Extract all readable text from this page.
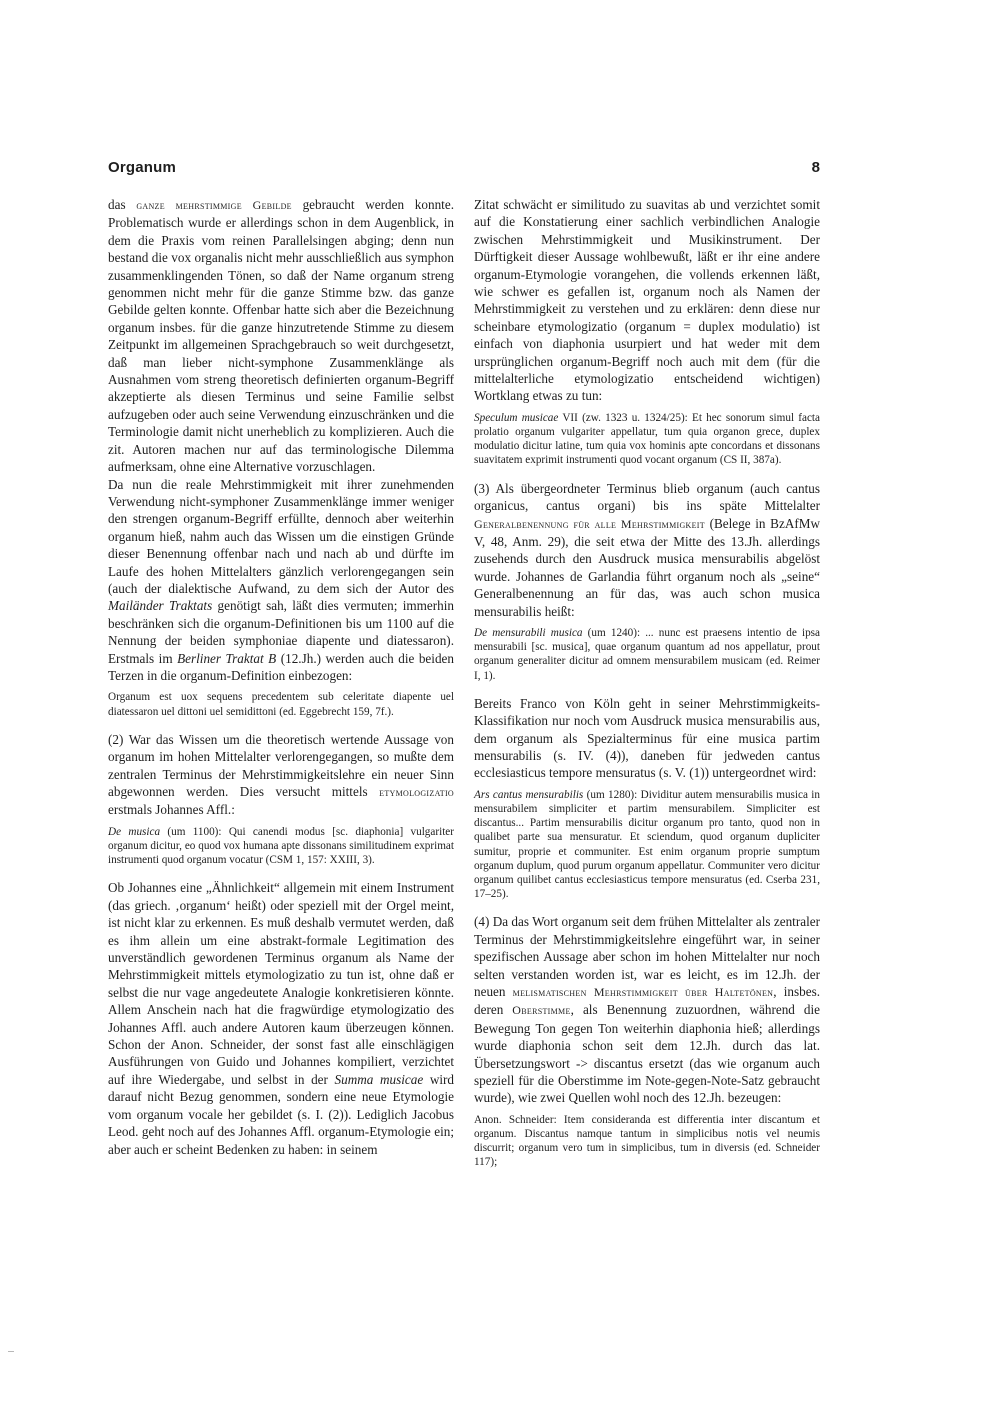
Organum	8
das ganze mehrstimmige Gebilde gebraucht werden konnte. Problematisch wurde er allerdings schon in dem Augenblick, in dem die Praxis vom reinen Parallelsingen abging; denn nun bestand die vox organalis nicht mehr ausschließlich aus symphon zusammenklingenden Tönen, so daß der Name organum streng genommen nicht mehr für die ganze Stimme bzw. das ganze Gebilde gelten konnte. Offenbar hatte sich aber die Bezeichnung organum insbes. für die ganze hinzutretende Stimme zu diesem Zeitpunkt im allgemeinen Sprachgebrauch so weit durchgesetzt, daß man lieber nicht-symphone Zusammenklänge als Ausnahmen vom streng theoretisch definierten organum-Begriff akzeptierte als diesen Terminus und seine Familie selbst aufzugeben oder auch seine Verwendung einzuschränken und die Terminologie damit nicht unerheblich zu komplizieren. Auch die zit. Autoren machen nur auf das terminologische Dilemma aufmerksam, ohne eine Alternative vorzuschlagen.
Da nun die reale Mehrstimmigkeit mit ihrer zunehmenden Verwendung nicht-symphoner Zusammenklänge immer weniger den strengen organum-Begriff erfüllte, dennoch aber weiterhin organum hieß, nahm auch das Wissen um die einstigen Gründe dieser Benennung offenbar nach und nach ab und dürfte im Laufe des hohen Mittelalters gänzlich verlorengegangen sein (auch der dialektische Aufwand, zu dem sich der Autor des Mailänder Traktats genötigt sah, läßt dies vermuten; immerhin beschränken sich die organum-Definitionen bis um 1100 auf die Nennung der beiden symphoniae diapente und diatessaron). Erstmals im Berliner Traktat B (12.Jh.) werden auch die beiden Terzen in die organum-Definition einbezogen:
Organum est uox sequens precedentem sub celeritate diapente uel diatessaron uel dittoni uel semidittoni (ed. Eggebrecht 159, 7f.).
(2) War das Wissen um die theoretisch wertende Aussage von organum im hohen Mittelalter verlorengegangen, so mußte dem zentralen Terminus der Mehrstimmigkeitslehre ein neuer Sinn abgewonnen werden. Dies versucht mittels etymologizatio erstmals Johannes Affl.:
De musica (um 1100): Qui canendi modus [sc. diaphonia] vulgariter organum dicitur, eo quod vox humana apte dissonans similitudinem exprimat instrumenti quod organum vocatur (CSM 1, 157: XXIII, 3).
Ob Johannes eine „Ähnlichkeit“ allgemein mit einem Instrument (das griech. ‚organum‘ heißt) oder speziell mit der Orgel meint, ist nicht klar zu erkennen. Es muß deshalb vermutet werden, daß es ihm allein um eine abstrakt-formale Legitimation des unverständlich gewordenen Terminus organum als Name der Mehrstimmigkeit mittels etymologizatio zu tun ist, ohne daß er selbst die nur vage angedeutete Analogie konkretisieren könnte. Allem Anschein nach hat die fragwürdige etymologizatio des Johannes Affl. auch andere Autoren kaum überzeugen können. Schon der Anon. Schneider, der sonst fast alle einschlägigen Ausführungen von Guido und Johannes kompiliert, verzichtet auf ihre Wiedergabe, und selbst in der Summa musicae wird darauf nicht Bezug genommen, sondern eine neue Etymologie vom organum vocale her gebildet (s. I. (2)). Lediglich Jacobus Leod. geht noch auf des Johannes Affl. organum-Etymologie ein; aber auch er scheint Bedenken zu haben: in seinem
Zitat schwächt er similitudo zu suavitas ab und verzichtet somit auf die Konstatierung einer sachlich verbindlichen Analogie zwischen Mehrstimmigkeit und Musikinstrument. Der Dürftigkeit dieser Aussage wohlbewußt, läßt er ihr eine andere organum-Etymologie vorangehen, die vollends erkennen läßt, wie schwer es gefallen ist, organum noch als Namen der Mehrstimmigkeit zu verstehen und zu erklären: denn diese nur scheinbare etymologizatio (organum = duplex modulatio) ist einfach von diaphonia usurpiert und hat weder mit dem ursprünglichen organum-Begriff noch auch mit dem (für die mittelalterliche etymologizatio entscheidend wichtigen) Wortklang etwas zu tun:
Speculum musicae VII (zw. 1323 u. 1324/25): Et hec sonorum simul facta prolatio organum vulgariter appellatur, tum quia organon grece, duplex modulatio dicitur latine, tum quia vox hominis apte concordans et dissonans suavitatem exprimit instrumenti quod vocant organum (CS II, 387a).
(3) Als übergeordneter Terminus blieb organum (auch cantus organicus, cantus organi) bis ins späte Mittelalter Generalbenennung für alle Mehrstimmigkeit (Belege in BzAfMw V, 48, Anm. 29), die seit etwa der Mitte des 13.Jh. allerdings zusehends durch den Ausdruck musica mensurabilis abgelöst wurde. Johannes de Garlandia führt organum noch als „seine“ Generalbenennung an für das, was auch schon musica mensurabilis heißt:
De mensurabili musica (um 1240): ... nunc est praesens intentio de ipsa mensurabili [sc. musica], quae organum quantum ad nos appellatur, prout organum generaliter dicitur ad omnem mensurabilem musicam (ed. Reimer I, 1).
Bereits Franco von Köln geht in seiner Mehrstimmigkeits-Klassifikation nur noch vom Ausdruck musica mensurabilis aus, dem organum als Spezialterminus für eine musica partim mensurabilis (s. IV. (4)), daneben für jedweden cantus ecclesiasticus tempore mensuratus (s. V. (1)) untergeordnet wird:
Ars cantus mensurabilis (um 1280): Dividitur autem mensurabilis musica in mensurabilem simpliciter et partim mensurabilem. Simpliciter est discantus... Partim mensurabilis dicitur organum pro tanto, quod non in qualibet parte sua mensuratur. Et sciendum, quod organum dupliciter sumitur, proprie et communiter. Est enim organum proprie sumptum organum duplum, quod purum organum appellatur. Communiter vero dicitur organum quilibet cantus ecclesiasticus tempore mensuratus (ed. Cserba 231, 17–25).
(4) Da das Wort organum seit dem frühen Mittelalter als zentraler Terminus der Mehrstimmigkeitslehre eingeführt war, in seiner spezifischen Aussage aber schon im hohen Mittelalter nur noch selten verstanden worden ist, war es leicht, es im 12.Jh. der neuen melismatischen Mehrstimmigkeit über Haltetönen, insbes. deren Oberstimme, als Benennung zuzuordnen, während die Bewegung Ton gegen Ton weiterhin diaphonia hieß; allerdings wurde diaphonia schon seit dem 12.Jh. durch das lat. Übersetzungswort -> discantus ersetzt (das wie organum auch speziell für die Oberstimme im Note-gegen-Note-Satz gebraucht wurde), wie zwei Quellen wohl noch des 12.Jh. bezeugen:
Anon. Schneider: Item consideranda est differentia inter discantum et organum. Discantus namque tantum in simplicibus notis vel neumis discurrit; organum vero tum in simplicibus, tum in diversis (ed. Schneider 117);
